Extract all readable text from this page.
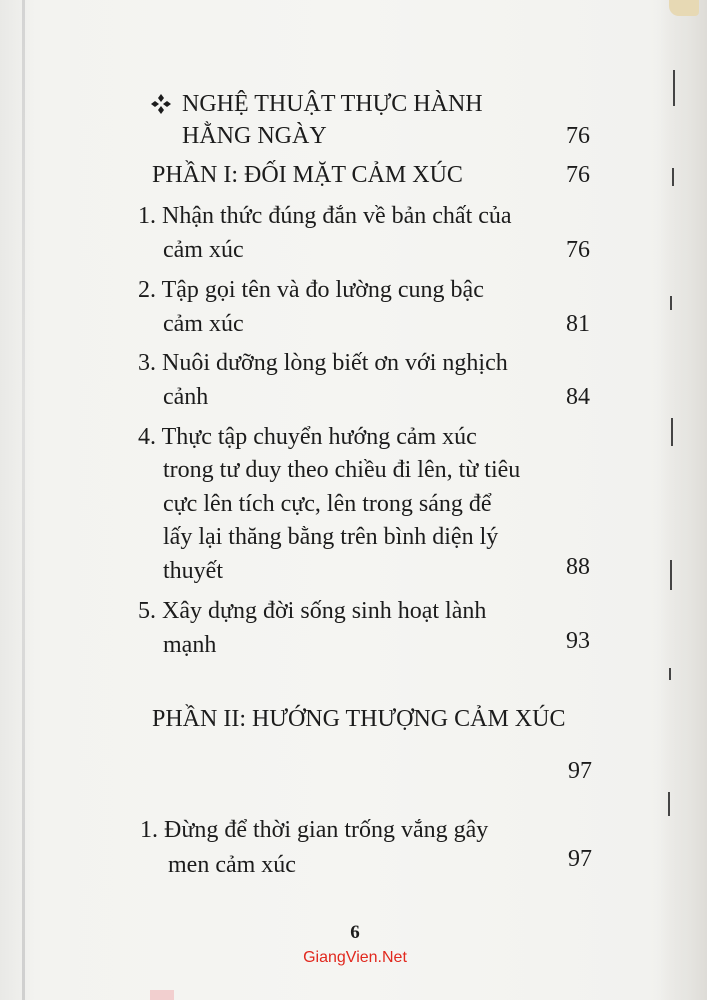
NGHỆ THUẬT THỰC HÀNH
HẰNG NGÀY	76
PHẦN I: ĐỐI MẶT CẢM XÚC	76
1. Nhận thức đúng đắn về bản chất của
cảm xúc	76
2. Tập gọi tên và đo lường cung bậc
cảm xúc	81
3. Nuôi dưỡng lòng biết ơn với nghịch
cảnh	84
4. Thực tập chuyển hướng cảm xúc
trong tư duy theo chiều đi lên, từ tiêu
cực lên tích cực, lên trong sáng để
lấy lại thăng bằng trên bình diện lý
thuyết	88
5. Xây dựng đời sống sinh hoạt lành
mạnh	93
PHẦN II: HƯỚNG THƯỢNG CẢM XÚC
97
1. Đừng để thời gian trống vắng gây
men cảm xúc	97
6
GiangVien.Net
